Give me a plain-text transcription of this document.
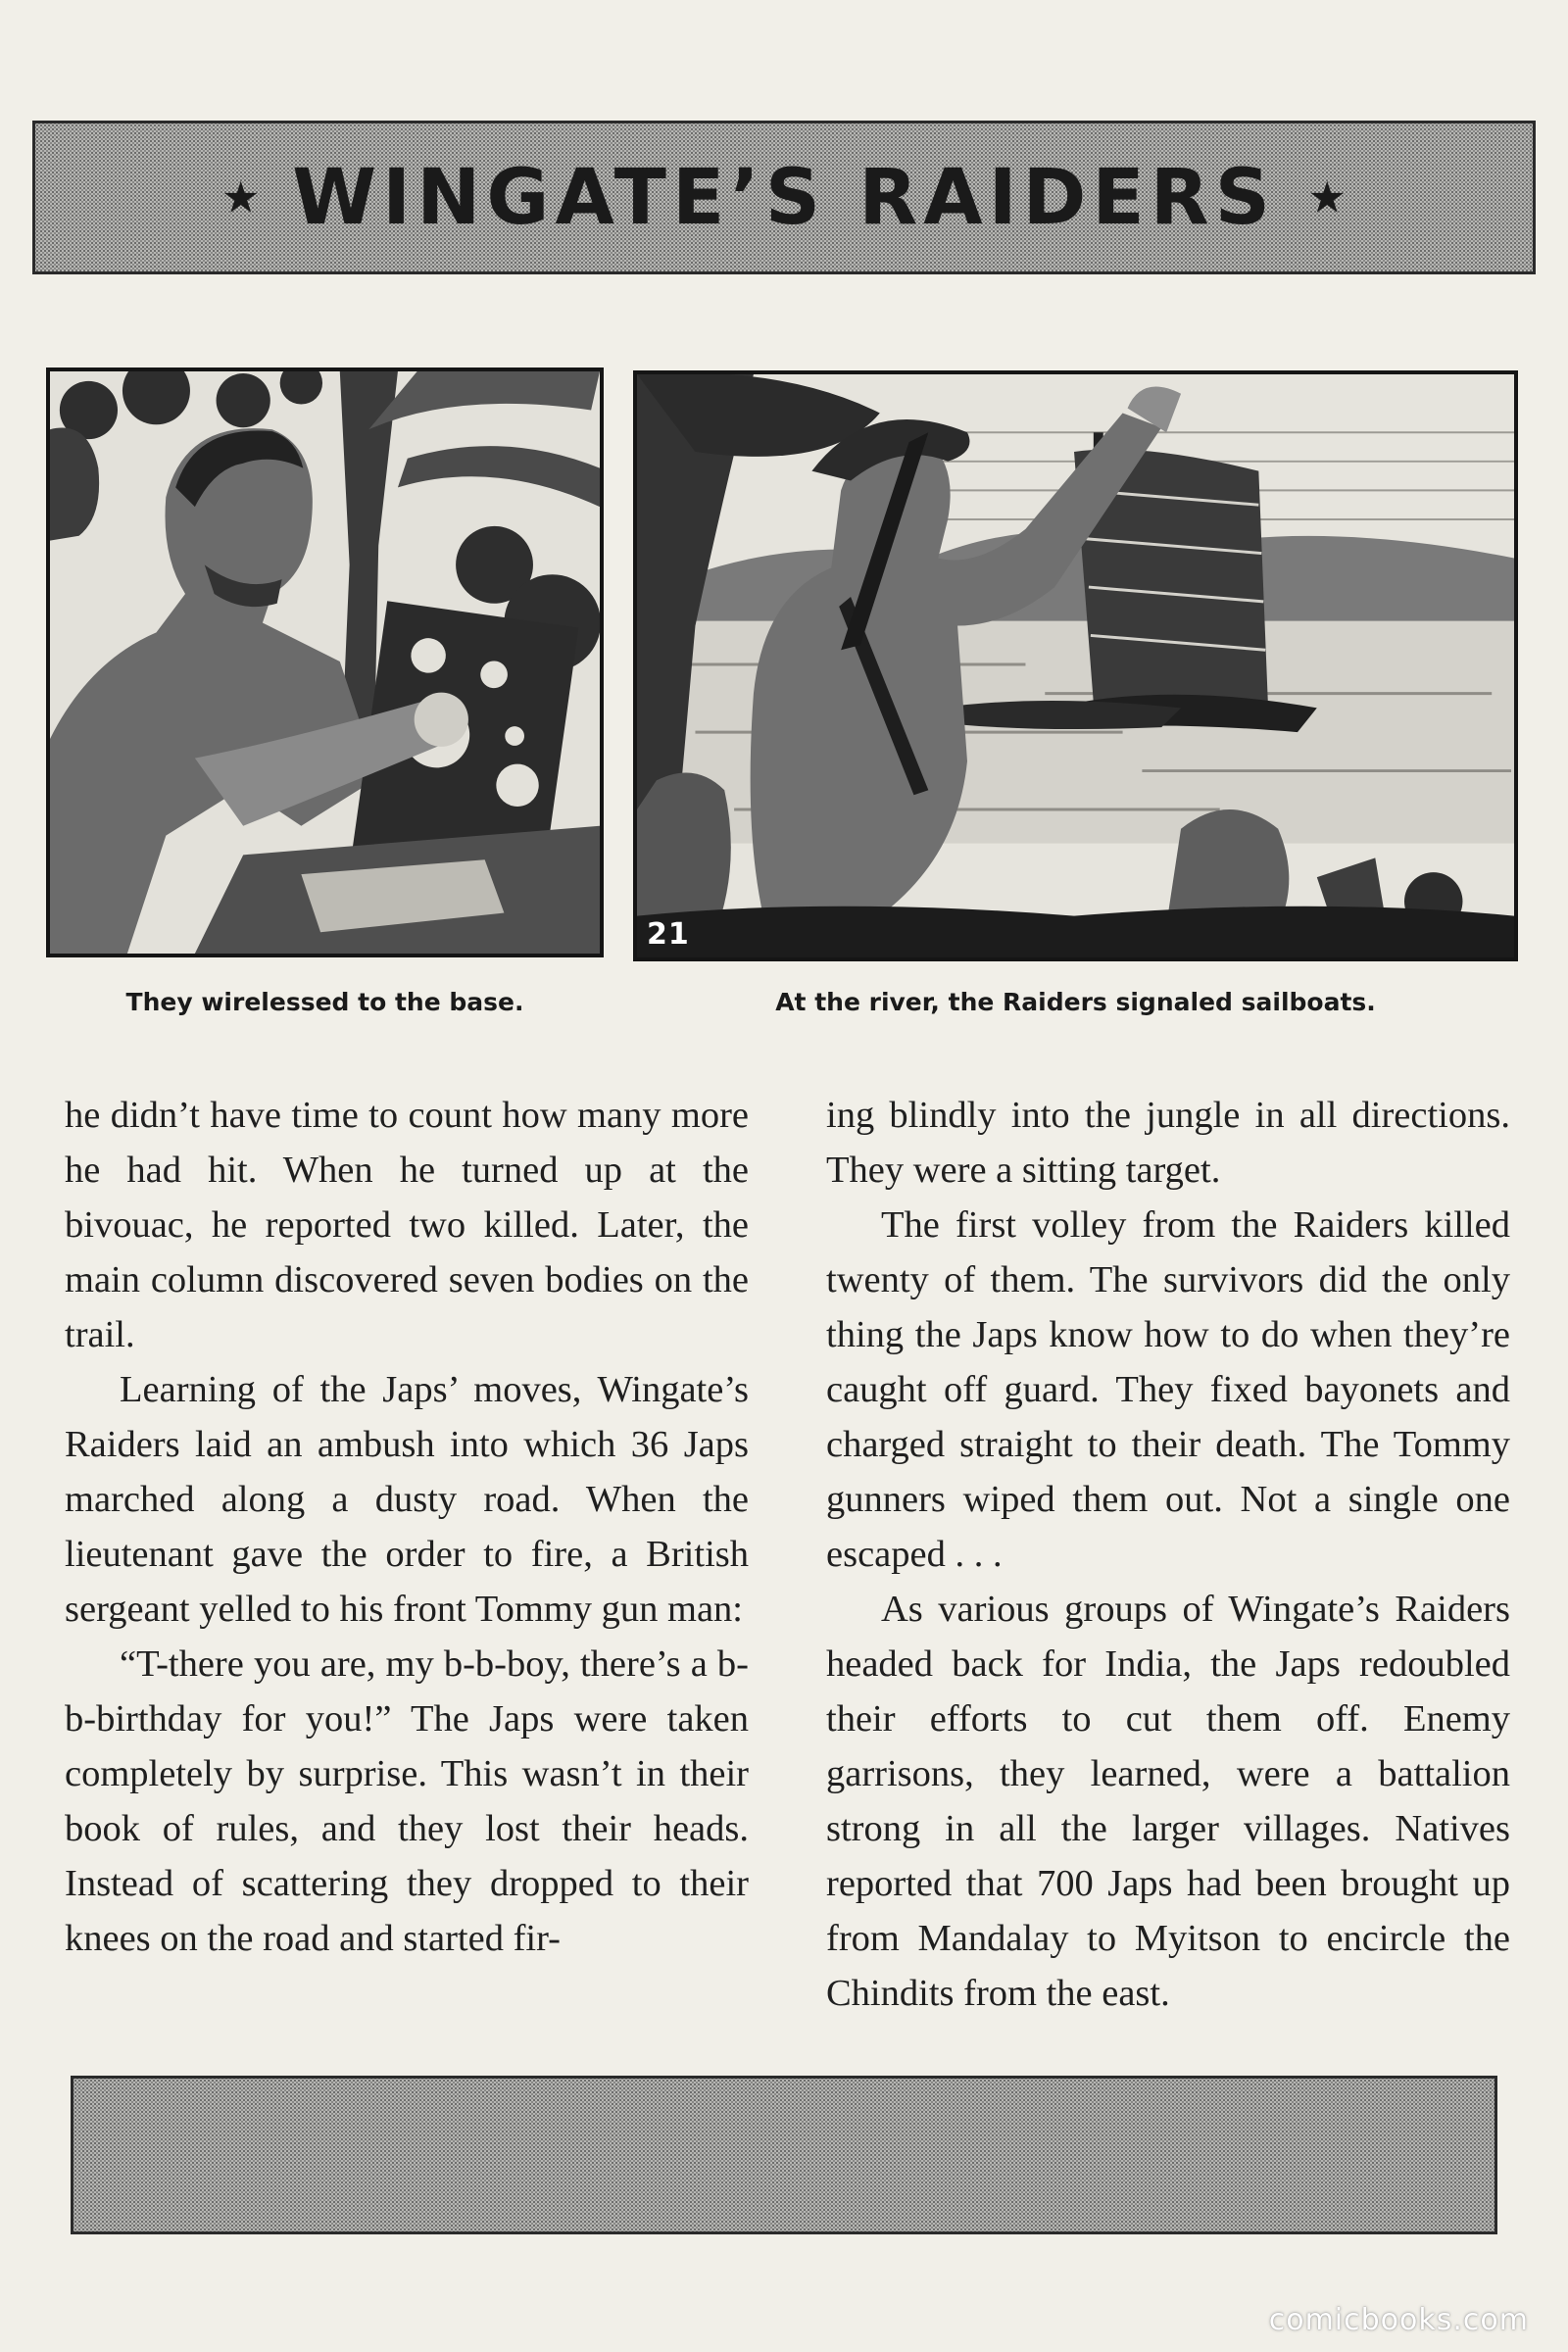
★ WINGATE’S RAIDERS ★
21
They wirelessed to the base.	At the river, the Raiders signaled sailboats.

he didn’t have time to count how many more he had hit. When he turned up at the bivouac, he reported two killed. Later, the main column discovered seven bodies on the trail.

Learning of the Japs’ moves, Wingate’s Raiders laid an ambush into which 36 Japs marched along a dusty road. When the lieutenant gave the order to fire, a British sergeant yelled to his front Tommy gun man:

“T-there you are, my b-b-boy, there’s a b-b-birthday for you!” The Japs were taken completely by surprise. This wasn’t in their book of rules, and they lost their heads. Instead of scattering they dropped to their knees on the road and started fir-

ing blindly into the jungle in all directions. They were a sitting target.

The first volley from the Raiders killed twenty of them. The survivors did the only thing the Japs know how to do when they’re caught off guard. They fixed bayonets and charged straight to their death. The Tommy gunners wiped them out. Not a single one escaped . . .

As various groups of Wingate’s Raiders headed back for India, the Japs redoubled their efforts to cut them off. Enemy garrisons, they learned, were a battalion strong in all the larger villages. Natives reported that 700 Japs had been brought up from Mandalay to Myitson to encircle the Chindits from the east.

comicbooks.com
